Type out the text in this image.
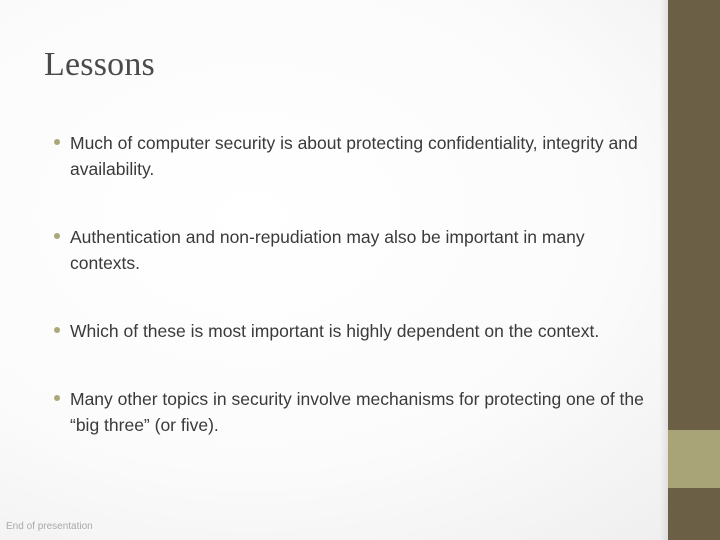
Lessons
Much of computer security is about protecting confidentiality, integrity and availability.
Authentication and non-repudiation may also be important in many contexts.
Which of these is most important is highly dependent on the context.
Many other topics in security involve mechanisms for protecting one of the “big three” (or five).
End of presentation
